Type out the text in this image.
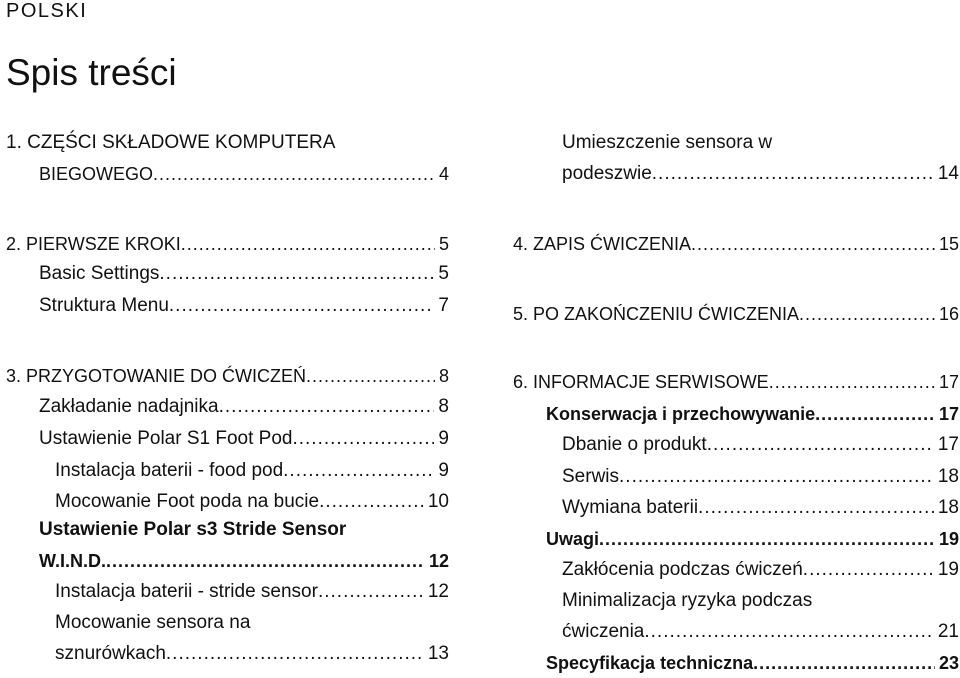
POLSKI
Spis treści
1. CZĘŚCI SKŁADOWE KOMPUTERA
BIEGOWEGO .....	4
2. PIERWSZE KROKI .....	5
Basic Settings .....	5
Struktura Menu .....	7
3. PRZYGOTOWANIE DO ĆWICZEŃ .....	8
Zakładanie nadajnika .....	8
Ustawienie Polar S1 Foot Pod .....	9
Instalacja baterii - food pod .....	9
Mocowanie Foot poda na bucie .....	10
Ustawienie Polar s3 Stride Sensor
W.I.N.D. .....	12
Instalacja baterii - stride sensor .....	12
Mocowanie sensora na
sznurówkach .....	13
Umieszczenie sensora w
podeszwie .....	14
4. ZAPIS ĆWICZENIA .....	15
5. PO ZAKOŃCZENIU ĆWICZENIA .....	16
6. INFORMACJE SERWISOWE .....	17
Konserwacja i przechowywanie .....	17
Dbanie o produkt .....	17
Serwis .....	18
Wymiana baterii .....	18
Uwagi .....	19
Zakłócenia podczas ćwiczeń .....	19
Minimalizacja ryzyka podczas
ćwiczenia .....	21
Specyfikacja techniczna .....	23
